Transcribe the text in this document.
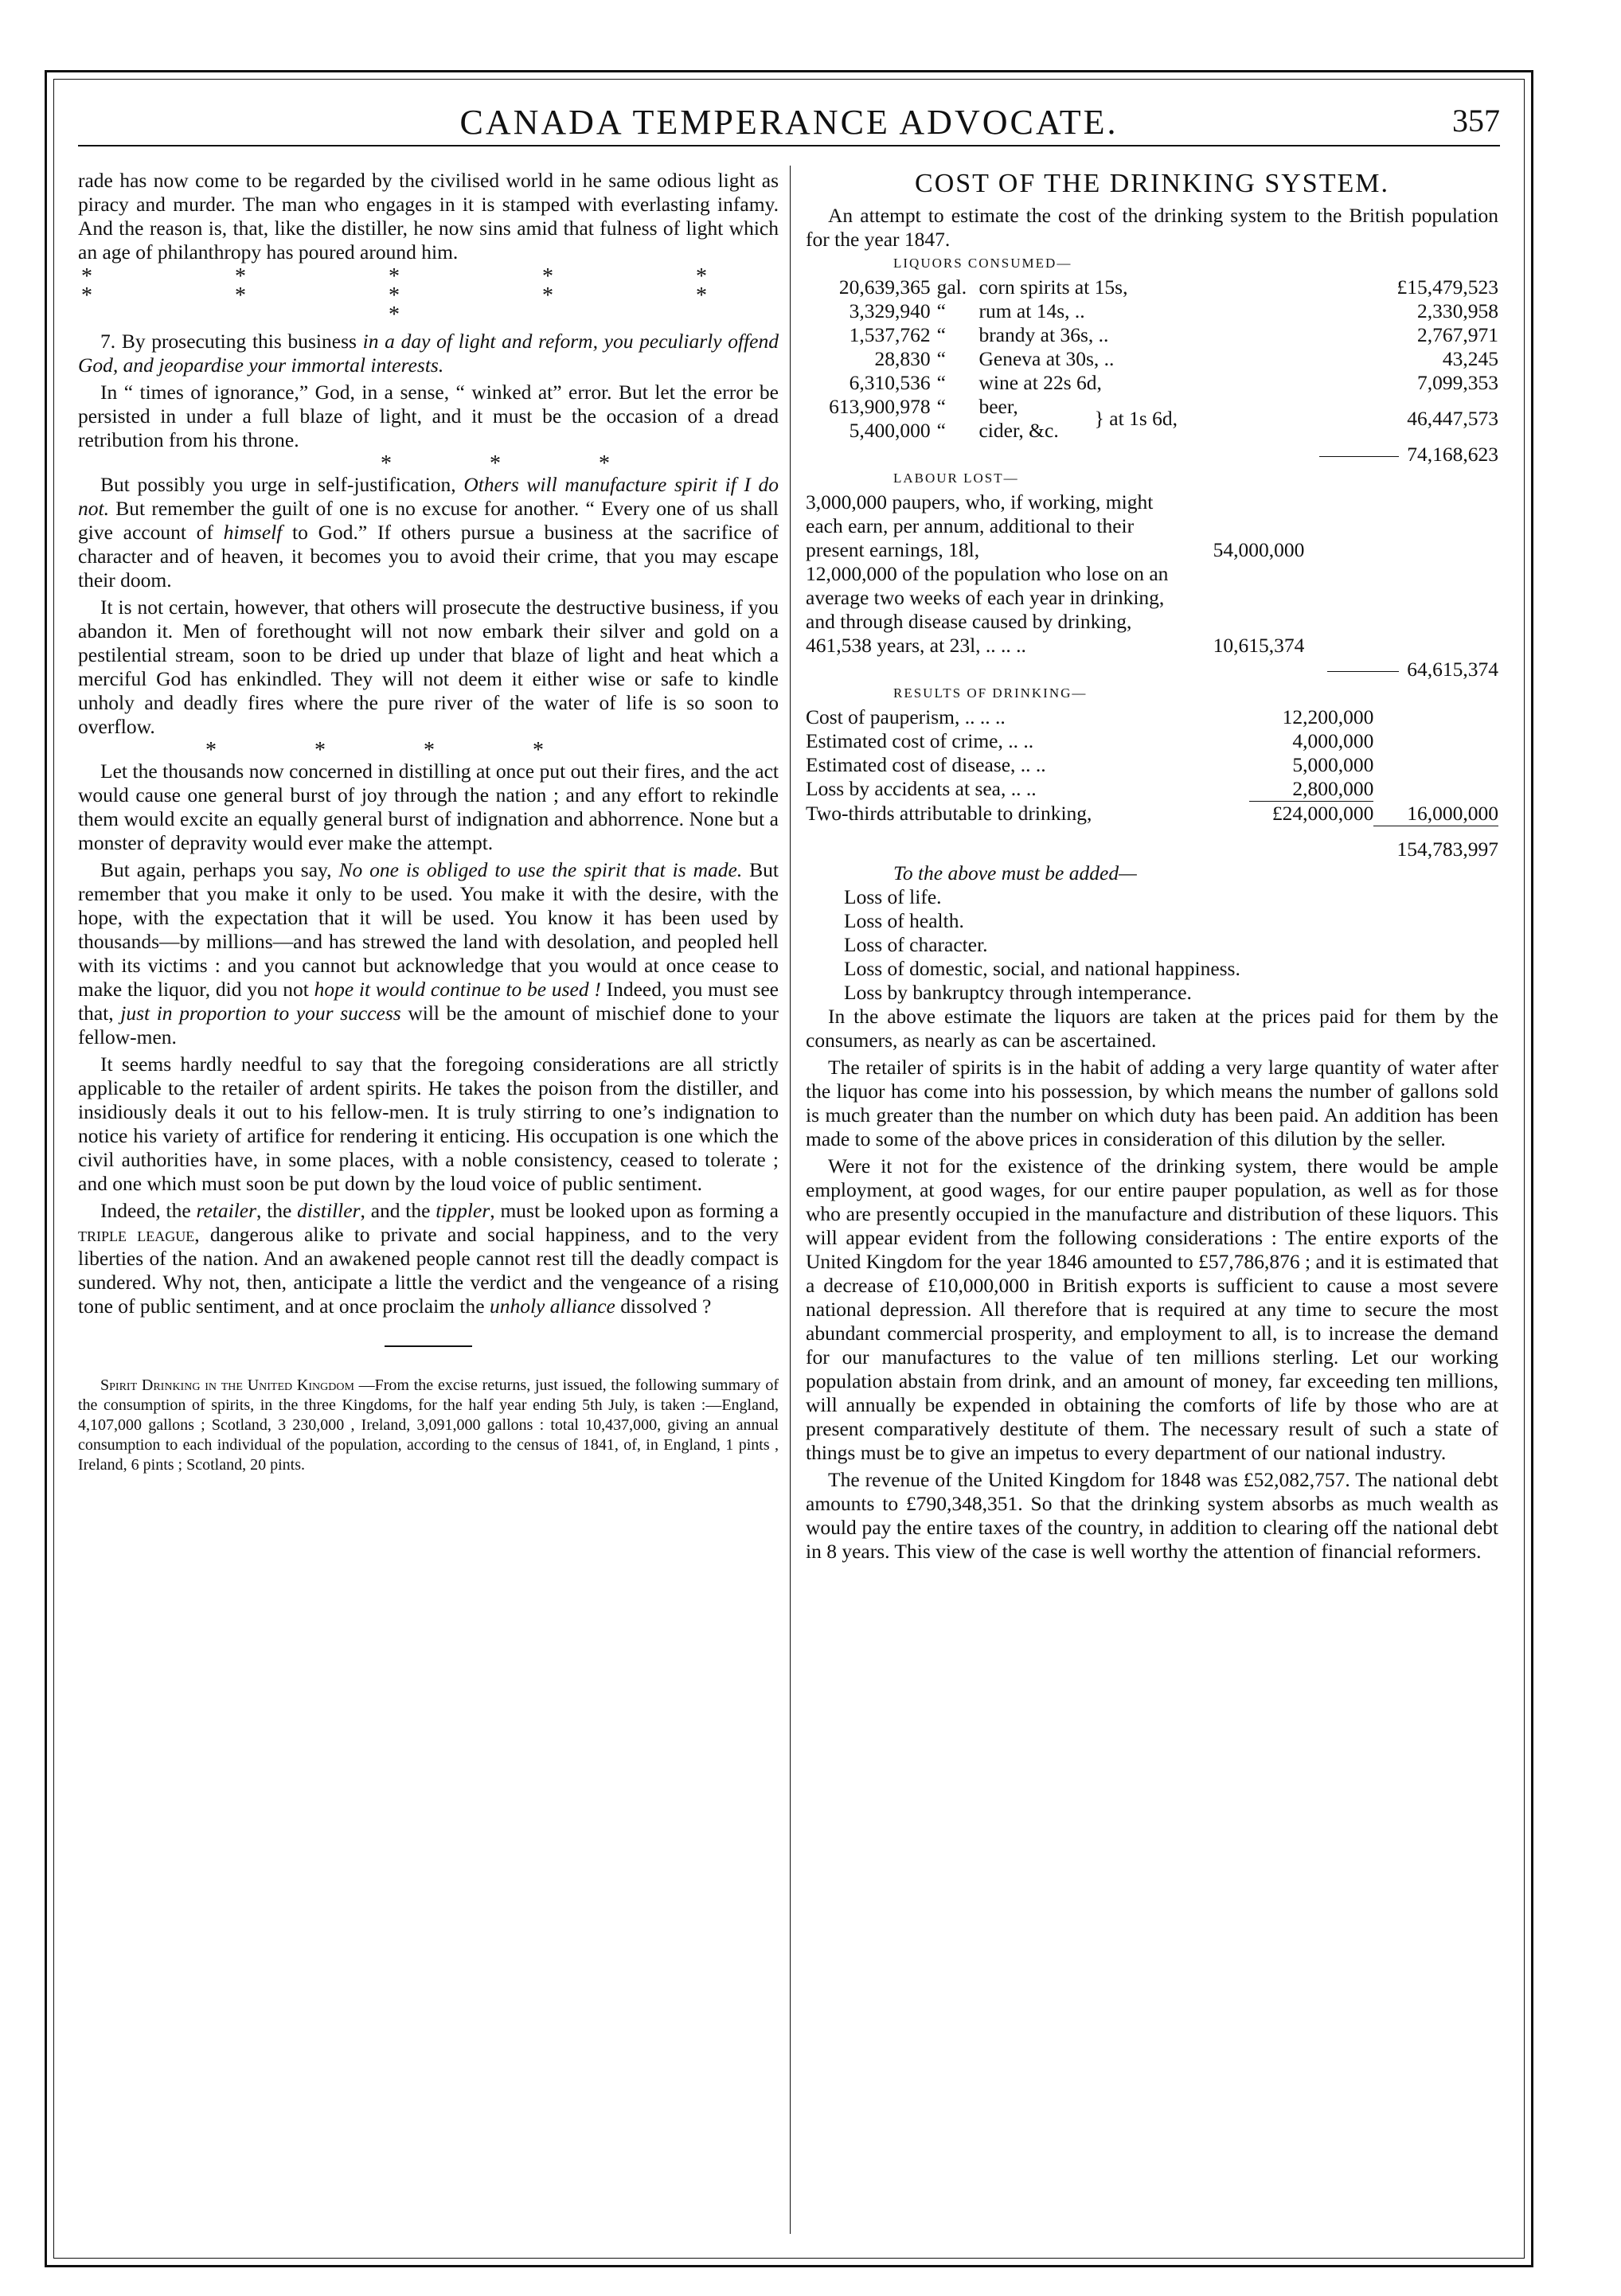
CANADA TEMPERANCE ADVOCATE.	357

rade has now come to be regarded by the civilised world in he same odious light as piracy and murder. The man who engages in it is stamped with everlasting infamy. And the reason is, that, like the distiller, he now sins amid that fulness of light which an age of philanthropy has poured around him.

* * * * * * * * * * *

7. By prosecuting this business in a day of light and reform, you peculiarly offend God, and jeopardise your immortal interests.

In “ times of ignorance,” God, in a sense, “ winked at” error. But let the error be persisted in under a full blaze of light, and it must be the occasion of a dread retribution from his throne.

* * *

But possibly you urge in self-justification, Others will manufacture spirit if I do not. But remember the guilt of one is no excuse for another. “ Every one of us shall give account of himself to God.” If others pursue a business at the sacrifice of character and of heaven, it becomes you to avoid their crime, that you may escape their doom.

It is not certain, however, that others will prosecute the destructive business, if you abandon it. Men of forethought will not now embark their silver and gold on a pestilential stream, soon to be dried up under that blaze of light and heat which a merciful God has enkindled. They will not deem it either wise or safe to kindle unholy and deadly fires where the pure river of the water of life is so soon to overflow.

* * * *

Let the thousands now concerned in distilling at once put out their fires, and the act would cause one general burst of joy through the nation ; and any effort to rekindle them would excite an equally general burst of indignation and abhorrence. None but a monster of depravity would ever make the attempt.

But again, perhaps you say, No one is obliged to use the spirit that is made. But remember that you make it only to be used. You make it with the desire, with the hope, with the expectation that it will be used. You know it has been used by thousands—by millions—and has strewed the land with desolation, and peopled hell with its victims : and you cannot but acknowledge that you would at once cease to make the liquor, did you not hope it would continue to be used ! Indeed, you must see that, just in proportion to your success will be the amount of mischief done to your fellow-men.

It seems hardly needful to say that the foregoing considerations are all strictly applicable to the retailer of ardent spirits. He takes the poison from the distiller, and insidiously deals it out to his fellow-men. It is truly stirring to one’s indignation to notice his variety of artifice for rendering it enticing. His occupation is one which the civil authorities have, in some places, with a noble consistency, ceased to tolerate ; and one which must soon be put down by the loud voice of public sentiment.

Indeed, the retailer, the distiller, and the tippler, must be looked upon as forming a triple league, dangerous alike to private and social happiness, and to the very liberties of the nation. And an awakened people cannot rest till the deadly compact is sundered. Why not, then, anticipate a little the verdict and the vengeance of a rising tone of public sentiment, and at once proclaim the unholy alliance dissolved ?

Spirit Drinking in the United Kingdom —From the excise returns, just issued, the following summary of the consumption of spirits, in the three Kingdoms, for the half year ending 5th July, is taken :—England, 4,107,000 gallons ; Scotland, 3 230,000 , Ireland, 3,091,000 gallons : total 10,437,000, giving an annual consumption to each individual of the population, according to the census of 1841, of, in England, 1 pints , Ireland, 6 pints ; Scotland, 20 pints.

COST OF THE DRINKING SYSTEM.

An attempt to estimate the cost of the drinking system to the British population for the year 1847.

LIQUORS CONSUMED—
20,639,365	gal.	corn spirits at 15s,		£15,479,523
3,329,940	“	rum at 14s, ..		2,330,958
1,537,762	“	brandy at 36s, ..		2,767,971
28,830	“	Geneva at 30s, ..		43,245
6,310,536	“	wine at 22s 6d,		7,099,353
613,900,978	“	beer,	} at 1s 6d,	46,447,573
5,400,000	“	cider, &c.		
	74,168,623
LABOUR LOST—
3,000,000 paupers, who, if working, might each earn, per annum, additional to their present earnings, 18l,	54,000,000	
12,000,000 of the population who lose on an average two weeks of each year in drinking, and through disease caused by drinking, 461,538 years, at 23l, .. .. ..	10,615,374	
		64,615,374
RESULTS OF DRINKING—
Cost of pauperism, .. .. ..	12,200,000	
Estimated cost of crime, .. ..	4,000,000	
Estimated cost of disease, .. ..	5,000,000	
Loss by accidents at sea, .. ..	2,800,000	
Two-thirds attributable to drinking,	£24,000,000	16,000,000
		154,783,997
To the above must be added—
Loss of life.
Loss of health.
Loss of character.
Loss of domestic, social, and national happiness.
Loss by bankruptcy through intemperance.

In the above estimate the liquors are taken at the prices paid for them by the consumers, as nearly as can be ascertained.

The retailer of spirits is in the habit of adding a very large quantity of water after the liquor has come into his possession, by which means the number of gallons sold is much greater than the number on which duty has been paid. An addition has been made to some of the above prices in consideration of this dilution by the seller.

Were it not for the existence of the drinking system, there would be ample employment, at good wages, for our entire pauper population, as well as for those who are presently occupied in the manufacture and distribution of these liquors. This will appear evident from the following considerations : The entire exports of the United Kingdom for the year 1846 amounted to £57,786,876 ; and it is estimated that a decrease of £10,000,000 in British exports is sufficient to cause a most severe national depression. All therefore that is required at any time to secure the most abundant commercial prosperity, and employment to all, is to increase the demand for our manufactures to the value of ten millions sterling. Let our working population abstain from drink, and an amount of money, far exceeding ten millions, will annually be expended in obtaining the comforts of life by those who are at present comparatively destitute of them. The necessary result of such a state of things must be to give an impetus to every department of our national industry.

The revenue of the United Kingdom for 1848 was £52,082,757. The national debt amounts to £790,348,351. So that the drinking system absorbs as much wealth as would pay the entire taxes of the country, in addition to clearing off the national debt in 8 years. This view of the case is well worthy the attention of financial reformers.
